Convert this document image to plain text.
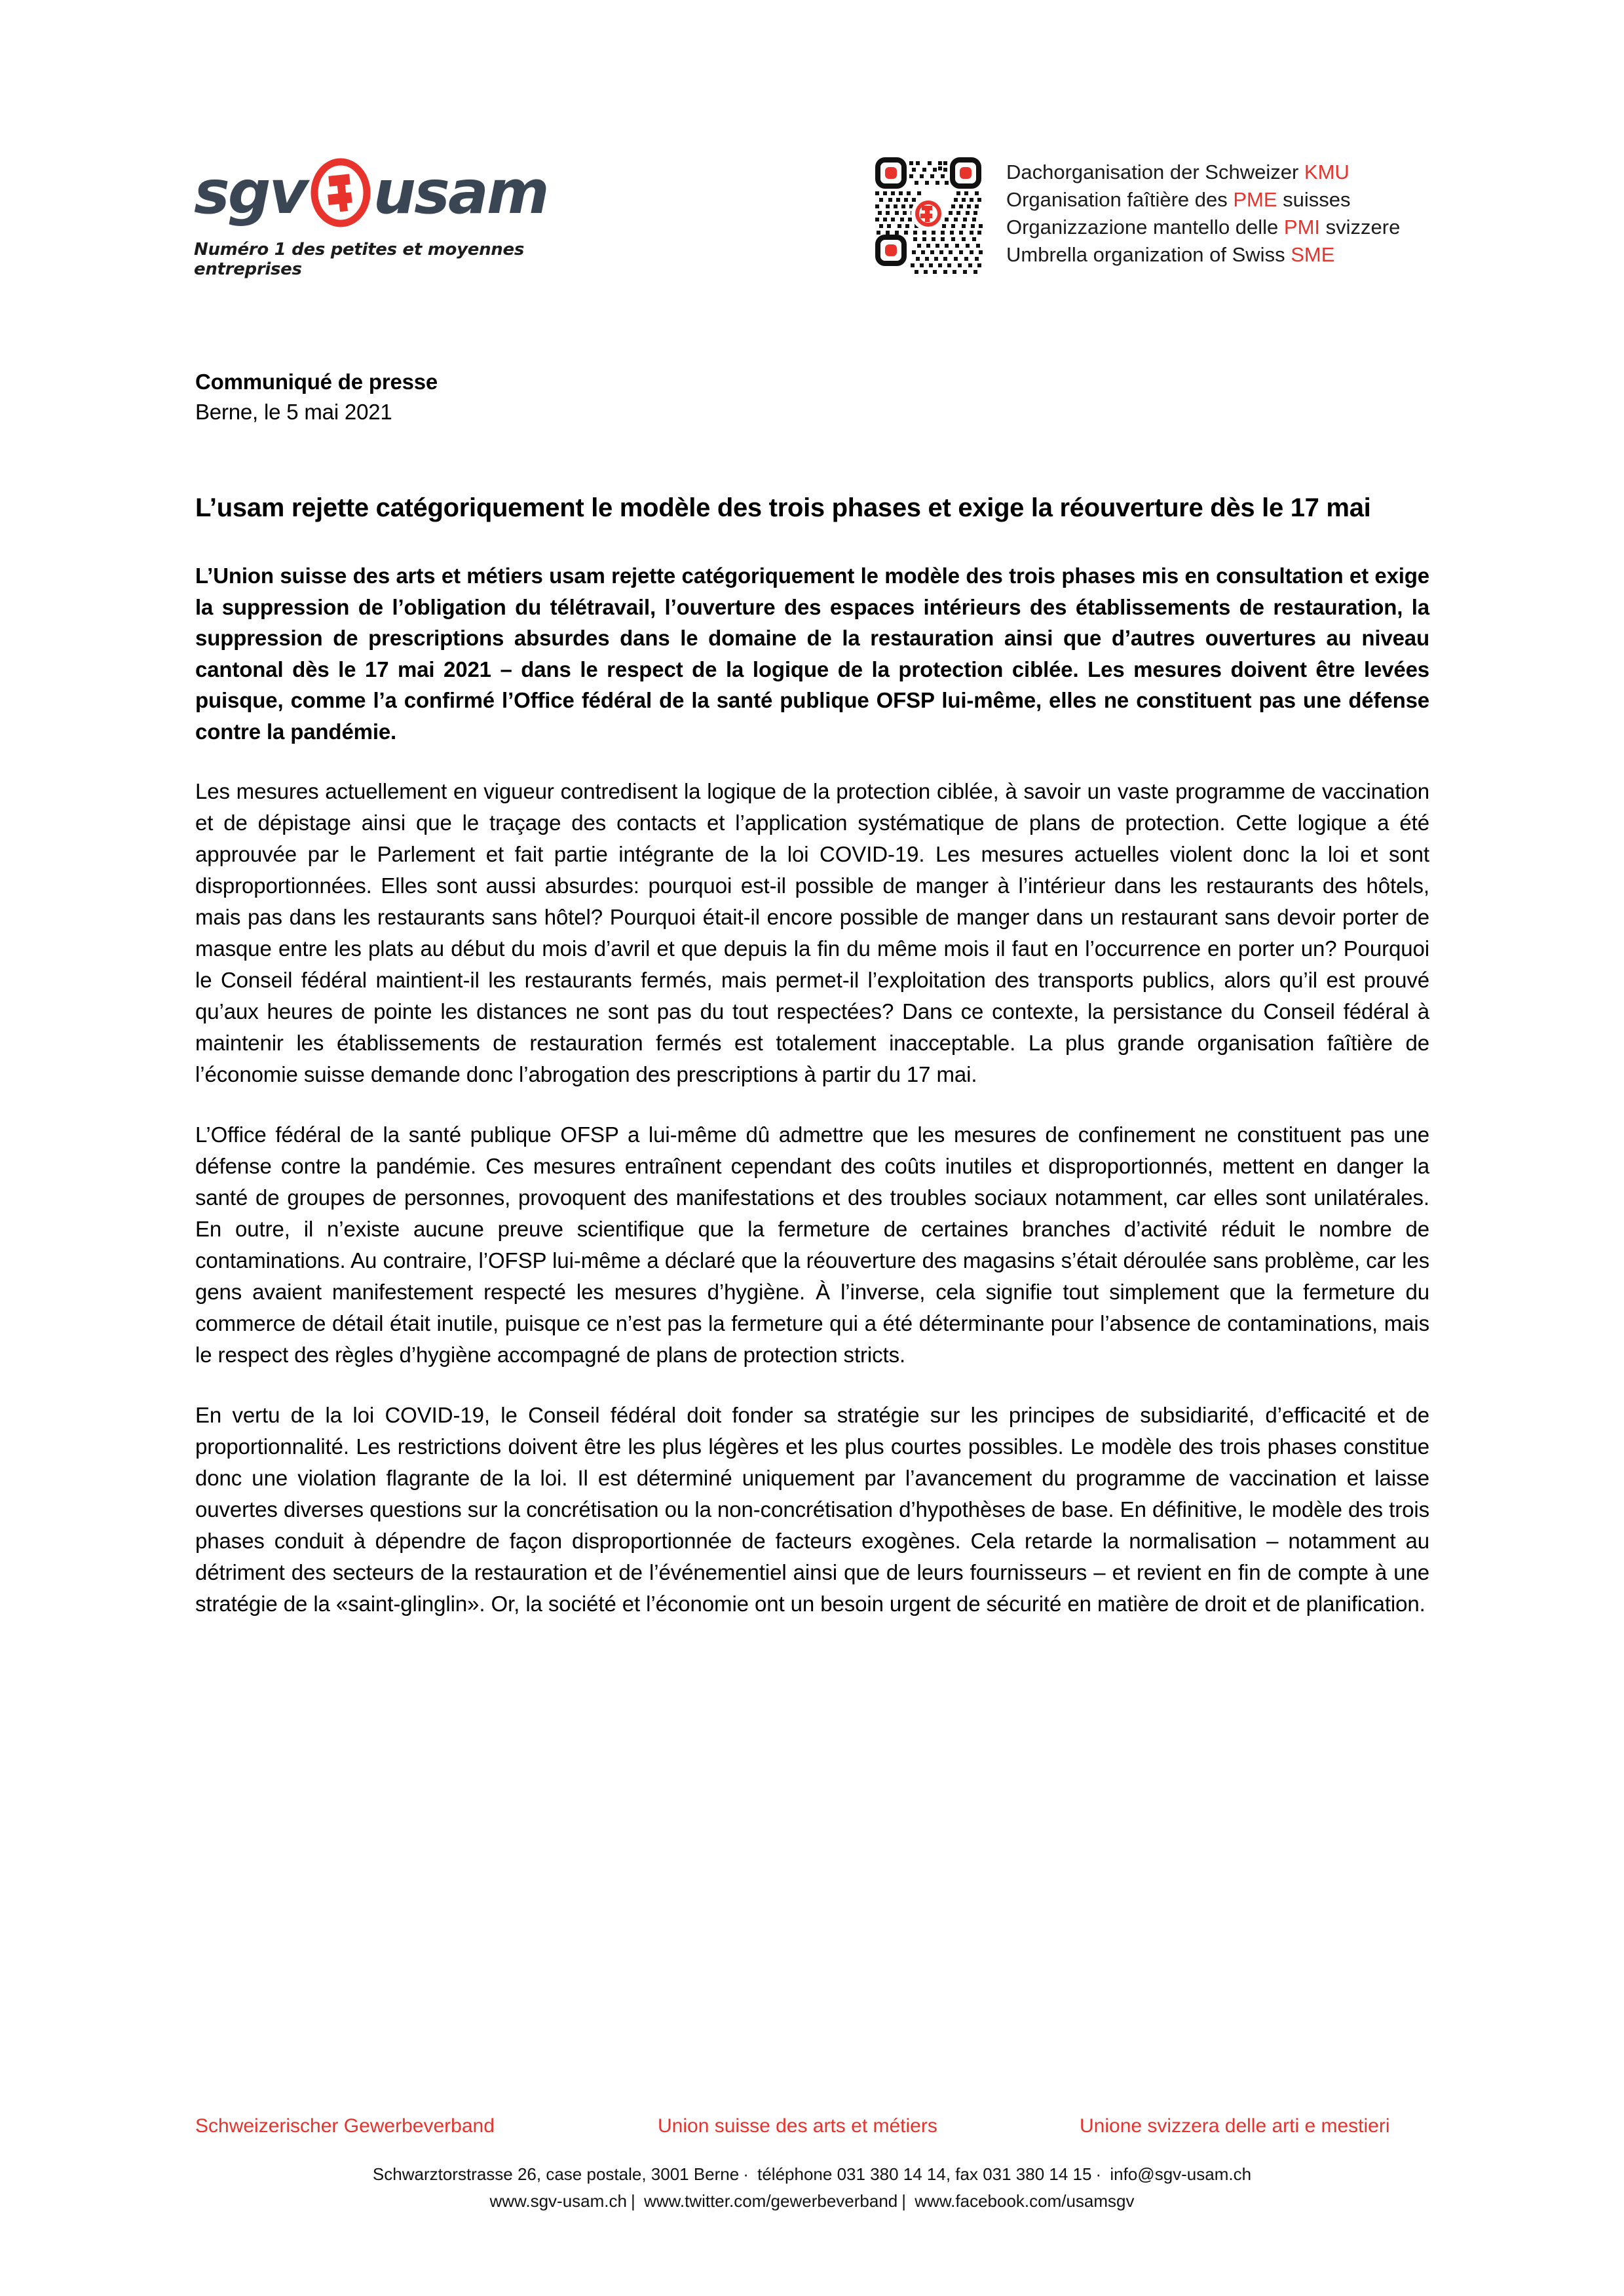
sgv usam
Numéro 1 des petites et moyennes entreprises
Dachorganisation der Schweizer KMU
Organisation faîtière des PME suisses
Organizzazione mantello delle PMI svizzere
Umbrella organization of Swiss SME
Communiqué de presse
Berne, le 5 mai 2021
L’usam rejette catégoriquement le modèle des trois phases et exige la réouverture dès le 17 mai

L’Union suisse des arts et métiers usam rejette catégoriquement le modèle des trois phases mis en consultation et exige la suppression de l’obligation du télétravail, l’ouverture des espaces intérieurs des établissements de restauration, la suppression de prescriptions absurdes dans le domaine de la restauration ainsi que d’autres ouvertures au niveau cantonal dès le 17 mai 2021 – dans le respect de la logique de la protection ciblée. Les mesures doivent être levées puisque, comme l’a confirmé l’Office fédéral de la santé publique OFSP lui-même, elles ne constituent pas une défense contre la pandémie.

Les mesures actuellement en vigueur contredisent la logique de la protection ciblée, à savoir un vaste programme de vaccination et de dépistage ainsi que le traçage des contacts et l’application systématique de plans de protection. Cette logique a été approuvée par le Parlement et fait partie intégrante de la loi COVID-19. Les mesures actuelles violent donc la loi et sont disproportionnées. Elles sont aussi absurdes: pourquoi est-il possible de manger à l’intérieur dans les restaurants des hôtels, mais pas dans les restaurants sans hôtel? Pourquoi était-il encore possible de manger dans un restaurant sans devoir porter de masque entre les plats au début du mois d’avril et que depuis la fin du même mois il faut en l’occurrence en porter un? Pourquoi le Conseil fédéral maintient-il les restaurants fermés, mais permet-il l’exploitation des transports publics, alors qu’il est prouvé qu’aux heures de pointe les distances ne sont pas du tout respectées? Dans ce contexte, la persistance du Conseil fédéral à maintenir les établissements de restauration fermés est totalement inacceptable. La plus grande organisation faîtière de l’économie suisse demande donc l’abrogation des prescriptions à partir du 17 mai.

L’Office fédéral de la santé publique OFSP a lui-même dû admettre que les mesures de confinement ne constituent pas une défense contre la pandémie. Ces mesures entraînent cependant des coûts inutiles et disproportionnés, mettent en danger la santé de groupes de personnes, provoquent des manifestations et des troubles sociaux notamment, car elles sont unilatérales. En outre, il n’existe aucune preuve scientifique que la fermeture de certaines branches d’activité réduit le nombre de contaminations. Au contraire, l’OFSP lui-même a déclaré que la réouverture des magasins s’était déroulée sans problème, car les gens avaient manifestement respecté les mesures d’hygiène. À l’inverse, cela signifie tout simplement que la fermeture du commerce de détail était inutile, puisque ce n’est pas la fermeture qui a été déterminante pour l’absence de contaminations, mais le respect des règles d’hygiène accompagné de plans de protection stricts.

En vertu de la loi COVID-19, le Conseil fédéral doit fonder sa stratégie sur les principes de subsidiarité, d’efficacité et de proportionnalité. Les restrictions doivent être les plus légères et les plus courtes possibles. Le modèle des trois phases constitue donc une violation flagrante de la loi. Il est déterminé uniquement par l’avancement du programme de vaccination et laisse ouvertes diverses questions sur la concrétisation ou la non-concrétisation d’hypothèses de base. En définitive, le modèle des trois phases conduit à dépendre de façon disproportionnée de facteurs exogènes. Cela retarde la normalisation – notamment au détriment des secteurs de la restauration et de l’événementiel ainsi que de leurs fournisseurs – et revient en fin de compte à une stratégie de la «saint-glinglin». Or, la société et l’économie ont un besoin urgent de sécurité en matière de droit et de planification.

Schweizerischer Gewerbeverband	Union suisse des arts et métiers	Unione svizzera delle arti e mestieri
Schwarztorstrasse 26, case postale, 3001 Berne · téléphone 031 380 14 14, fax 031 380 14 15 · info@sgv-usam.ch
www.sgv-usam.ch | www.twitter.com/gewerbeverband | www.facebook.com/usamsgv
